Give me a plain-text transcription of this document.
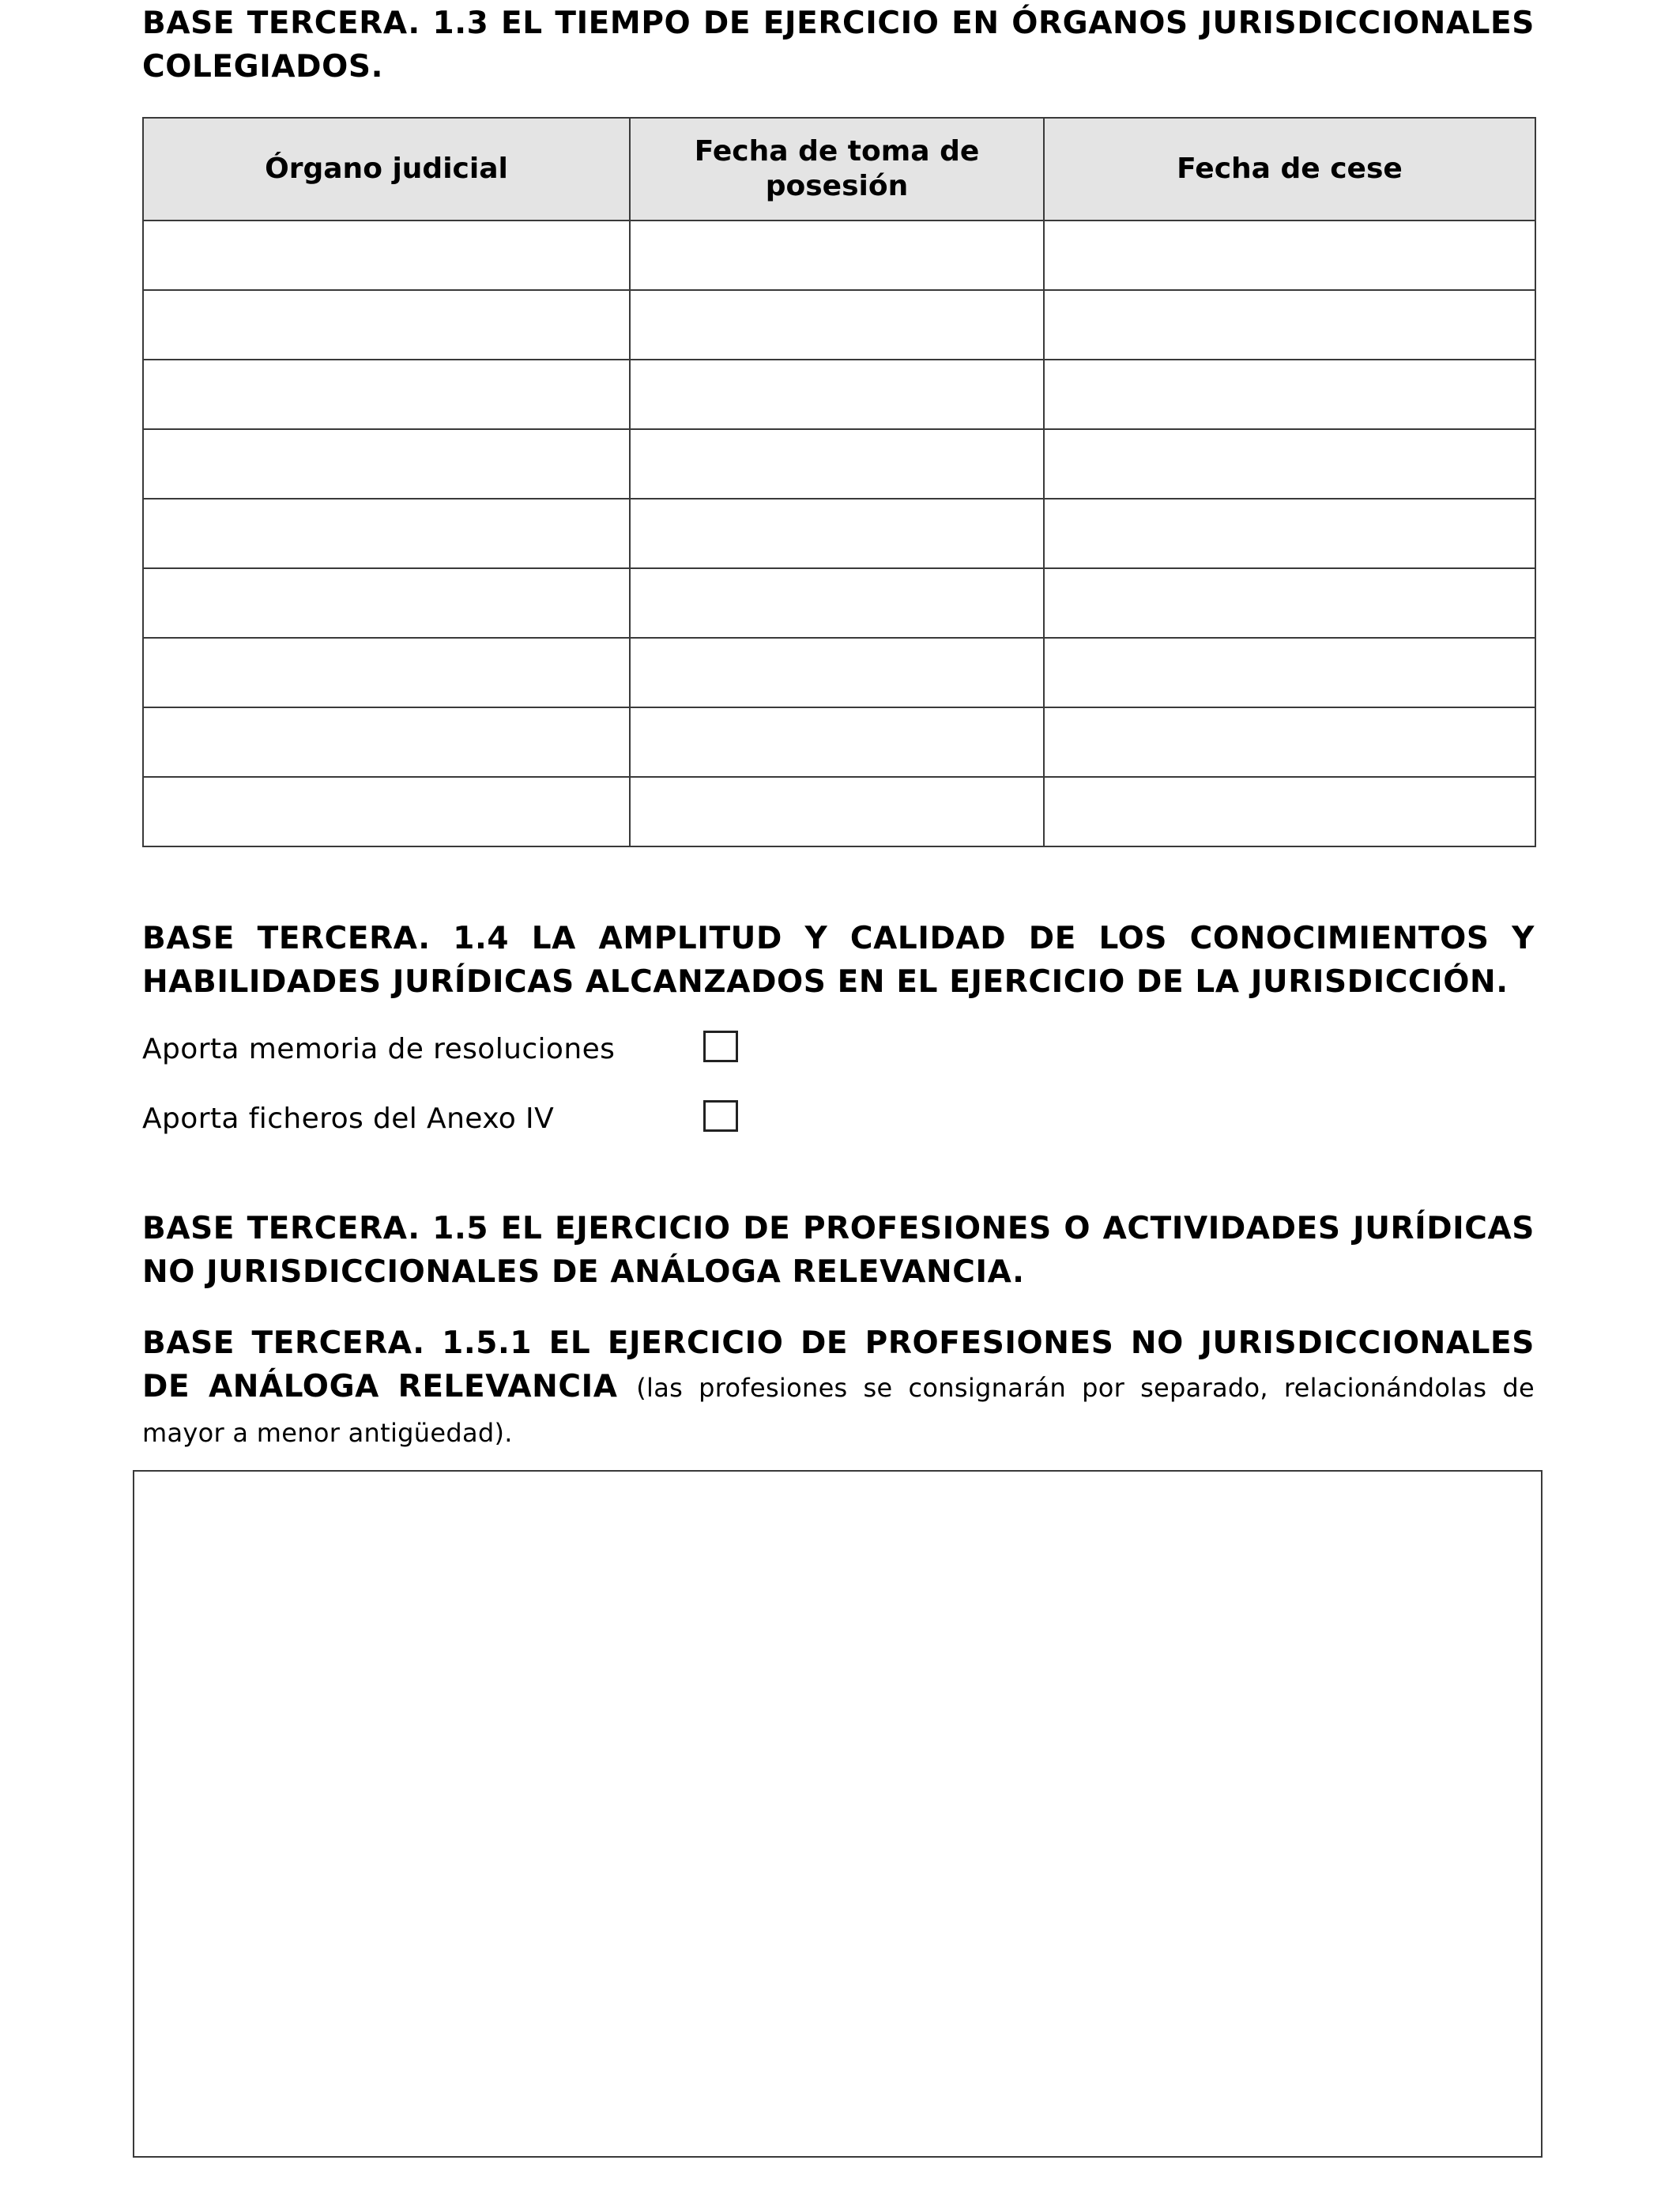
BASE TERCERA. 1.3 EL TIEMPO DE EJERCICIO EN ÓRGANOS JURISDICCIONALES COLEGIADOS.
Órgano judicial	Fecha de toma de posesión	Fecha de cese

BASE TERCERA. 1.4 LA AMPLITUD Y CALIDAD DE LOS CONOCIMIENTOS Y HABILIDADES JURÍDICAS ALCANZADOS EN EL EJERCICIO DE LA JURISDICCIÓN.
Aporta memoria de resoluciones
Aporta ficheros del Anexo IV
BASE TERCERA. 1.5 EL EJERCICIO DE PROFESIONES O ACTIVIDADES JURÍDICAS NO JURISDICCIONALES DE ANÁLOGA RELEVANCIA.
BASE TERCERA. 1.5.1 EL EJERCICIO DE PROFESIONES NO JURISDICCIONALES DE ANÁLOGA RELEVANCIA (las profesiones se consignarán por separado, relacionándolas de mayor a menor antigüedad).
